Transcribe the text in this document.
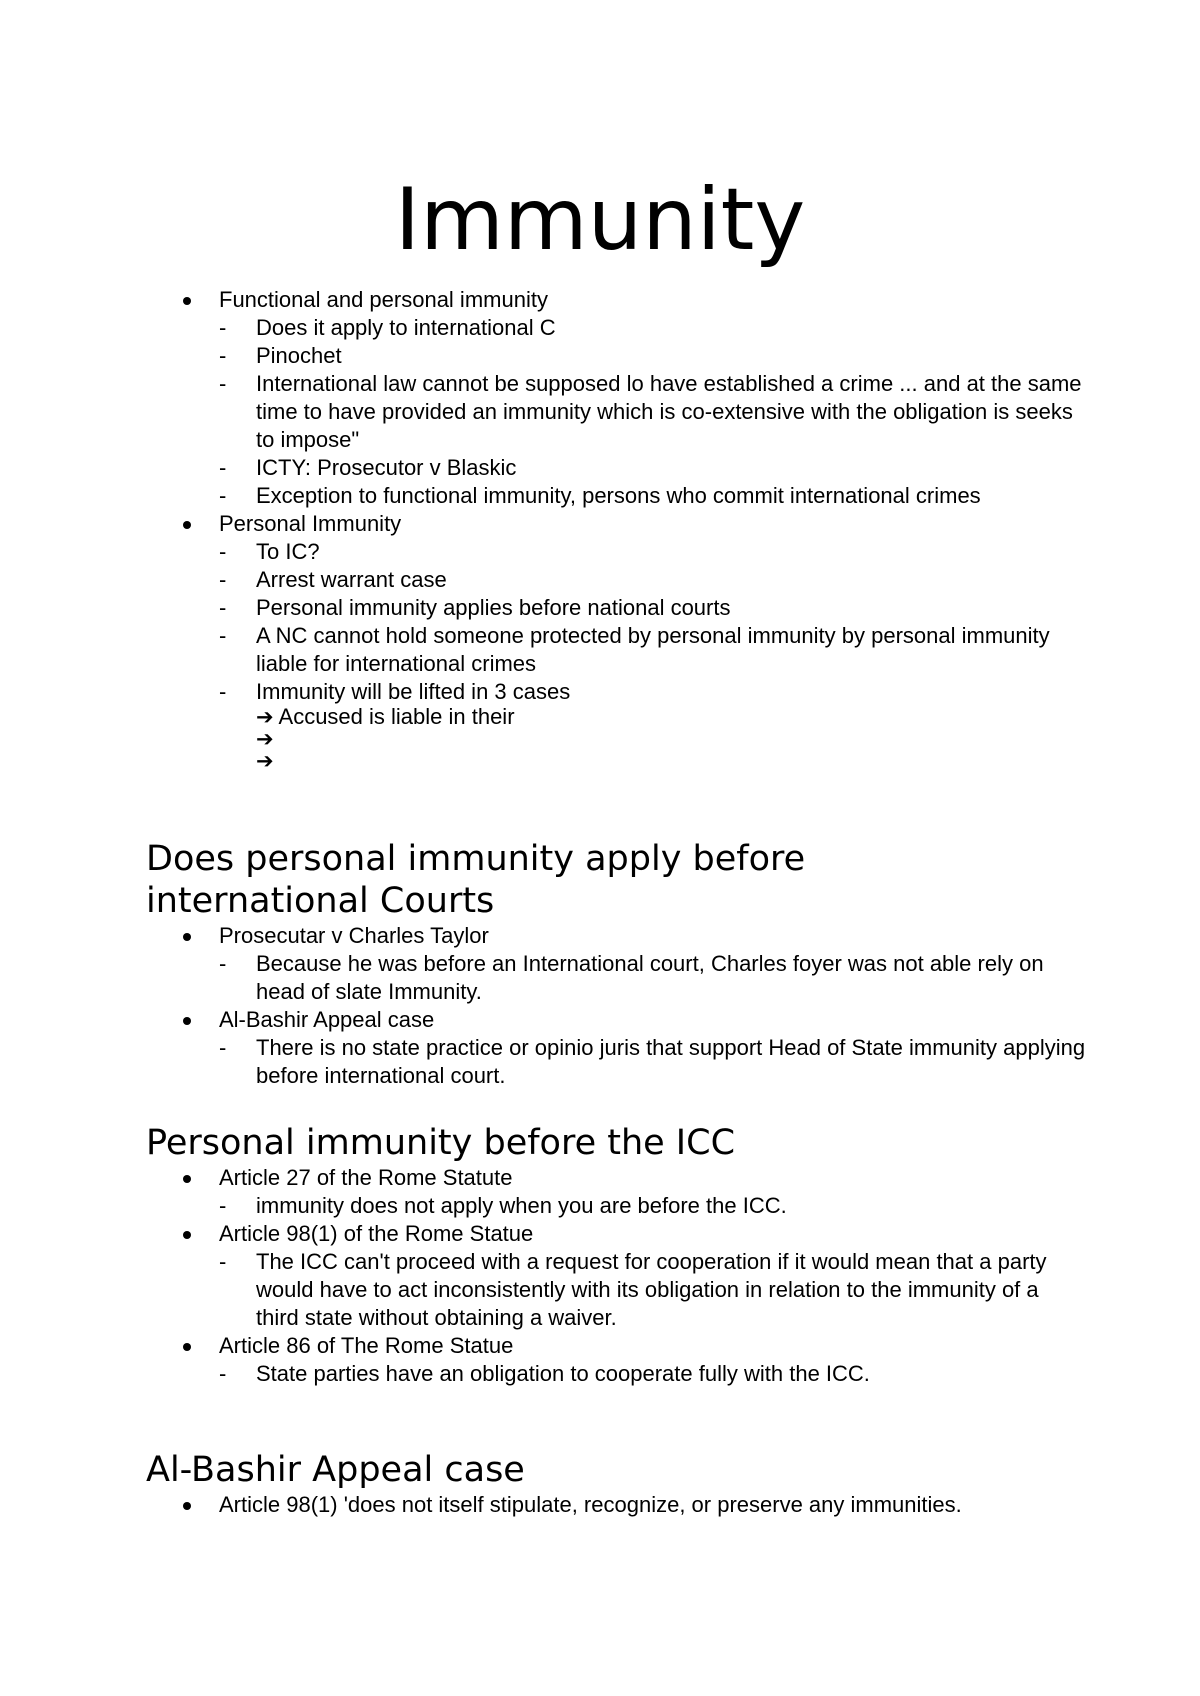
Immunity
Functional and personal immunity
-	Does it apply to international C
-	Pinochet
-	International law cannot be supposed lo have established a crime ... and at the same time to have provided an immunity which is co-extensive with the obligation is seeks to impose"
-	ICTY: Prosecutor v Blaskic
-	Exception to functional immunity, persons who commit international crimes
Personal Immunity
-	To IC?
-	Arrest warrant case
-	Personal immunity applies before national courts
-	A NC cannot hold someone protected by personal immunity by personal immunity liable for international crimes
-	Immunity will be lifted in 3 cases
➔ Accused is liable in their
➔
➔
Does personal immunity apply before international Courts
Prosecutar v Charles Taylor
-	Because he was before an International court, Charles foyer was not able rely on head of slate Immunity.
Al-Bashir Appeal case
-	There is no state practice or opinio juris that support Head of State immunity applying before international court.
Personal immunity before the ICC
Article 27 of the Rome Statute
-	immunity does not apply when you are before the ICC.
Article 98(1) of the Rome Statue
-	The ICC can't proceed with a request for cooperation if it would mean that a party would have to act inconsistently with its obligation in relation to the immunity of a third state without obtaining a waiver.
Article 86 of The Rome Statue
-	State parties have an obligation to cooperate fully with the ICC.
Al-Bashir Appeal case
Article 98(1) 'does not itself stipulate, recognize, or preserve any immunities.
